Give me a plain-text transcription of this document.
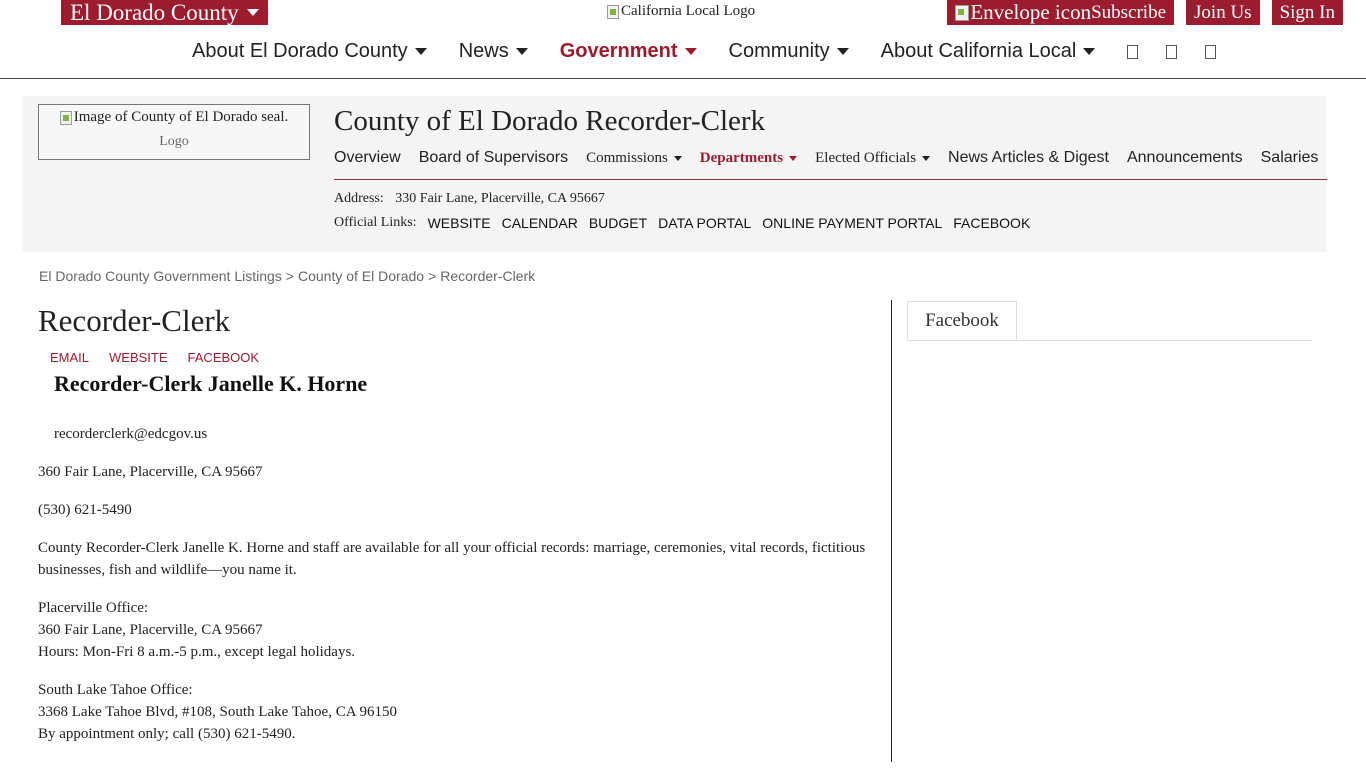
El Dorado County	California Local Logo	Envelope icon Subscribe	Join Us	Sign In
About El Dorado County	News	Government	Community	About California Local
Image of County of El Dorado seal.
Logo
County of El Dorado Recorder-Clerk
Overview Board of Supervisors Commissions Departments Elected Officials News Articles & Digest Announcements Salaries
Address: 330 Fair Lane, Placerville, CA 95667
Official Links: WEBSITE CALENDAR BUDGET DATA PORTAL ONLINE PAYMENT PORTAL FACEBOOK
El Dorado County Government Listings > County of El Dorado > Recorder-Clerk
Recorder-Clerk
EMAIL WEBSITE FACEBOOK
Recorder-Clerk Janelle K. Horne
recorderclerk@edcgov.us
360 Fair Lane, Placerville, CA 95667
(530) 621-5490
County Recorder-Clerk Janelle K. Horne and staff are available for all your official records: marriage, ceremonies, vital records, fictitious businesses, fish and wildlife—you name it.
Placerville Office:
360 Fair Lane, Placerville, CA 95667
Hours: Mon-Fri 8 a.m.-5 p.m., except legal holidays.
South Lake Tahoe Office:
3368 Lake Tahoe Blvd, #108, South Lake Tahoe, CA 96150
By appointment only; call (530) 621-5490.
Facebook
